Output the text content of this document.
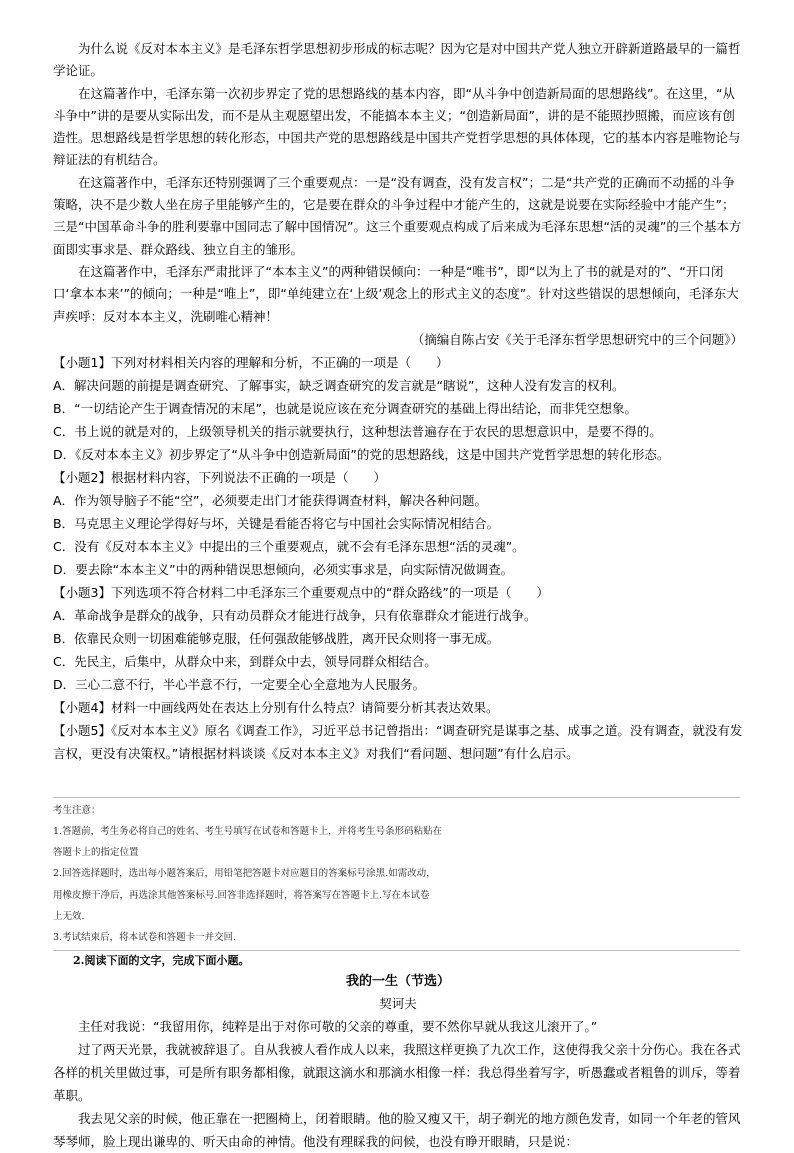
为什么说《反对本本主义》是毛泽东哲学思想初步形成的标志呢？因为它是对中国共产党人独立开辟新道路最早的一篇哲学论证。

在这篇著作中，毛泽东第一次初步界定了党的思想路线的基本内容，即“从斗争中创造新局面的思想路线”。在这里，“从斗争中”讲的是要从实际出发，而不是从主观愿望出发，不能搞本本主义；“创造新局面”，讲的是不能照抄照搬，而应该有创造性。思想路线是哲学思想的转化形态，中国共产党的思想路线是中国共产党哲学思想的具体体现，它的基本内容是唯物论与辩证法的有机结合。

在这篇著作中，毛泽东还特别强调了三个重要观点：一是“没有调查，没有发言权”；二是“共产党的正确而不动摇的斗争策略，决不是少数人坐在房子里能够产生的，它是要在群众的斗争过程中才能产生的，这就是说要在实际经验中才能产生”；三是“中国革命斗争的胜利要靠中国同志了解中国情况”。这三个重要观点构成了后来成为毛泽东思想“活的灵魂”的三个基本方面即实事求是、群众路线、独立自主的雏形。

在这篇著作中，毛泽东严肃批评了“本本主义”的两种错误倾向：一种是“唯书”，即“以为上了书的就是对的”、“开口闭口‘拿本本来’”的倾向；一种是“唯上”，即“单纯建立在‘上级’观念上的形式主义的态度”。针对这些错误的思想倾向，毛泽东大声疾呼：反对本本主义，洗刷唯心精神！

（摘编自陈占安《关于毛泽东哲学思想研究中的三个问题》）

【小题1】下列对材料相关内容的理解和分析，不正确的一项是（　　）

A．解决问题的前提是调查研究、了解事实，缺乏调查研究的发言就是“瞎说”，这种人没有发言的权利。

B．“一切结论产生于调查情况的末尾”，也就是说应该在充分调查研究的基础上得出结论，而非凭空想象。

C．书上说的就是对的，上级领导机关的指示就要执行，这种想法普遍存在于农民的思想意识中，是要不得的。

D．《反对本本主义》初步界定了“从斗争中创造新局面”的党的思想路线，这是中国共产党哲学思想的转化形态。

【小题2】根据材料内容，下列说法不正确的一项是（　　）

A．作为领导脑子不能“空”，必须要走出门才能获得调查材料，解决各种问题。

B．马克思主义理论学得好与坏，关键是看能否将它与中国社会实际情况相结合。

C．没有《反对本本主义》中提出的三个重要观点，就不会有毛泽东思想“活的灵魂”。

D．要去除“本本主义”中的两种错误思想倾向，必须实事求是，向实际情况做调查。

【小题3】下列选项不符合材料二中毛泽东三个重要观点中的“群众路线”的一项是（　　）

A．革命战争是群众的战争，只有动员群众才能进行战争，只有依靠群众才能进行战争。

B．依靠民众则一切困难能够克服，任何强敌能够战胜，离开民众则将一事无成。

C．先民主，后集中，从群众中来，到群众中去，领导同群众相结合。

D．三心二意不行，半心半意不行，一定要全心全意地为人民服务。

【小题4】材料一中画线两处在表达上分别有什么特点？请简要分析其表达效果。

【小题5】《反对本本主义》原名《调查工作》，习近平总书记曾指出：“调查研究是谋事之基、成事之道。没有调查，就没有发言权，更没有决策权。”请根据材料谈谈《反对本本主义》对我们“看问题、想问题”有什么启示。

考生注意：

1.答题前，考生务必将自己的姓名、考生号填写在试卷和答题卡上，并将考生号条形码粘贴在

答题卡上的指定位置

2.回答选择题时，选出每小题答案后，用铅笔把答题卡对应题目的答案标号涂黑.如需改动，

用橡皮擦干净后，再选涂其他答案标号.回答非选择题时，将答案写在答题卡上.写在本试卷

上无效.

3.考试结束后，将本试卷和答题卡一并交回.

2.阅读下面的文字，完成下面小题。

我的一生（节选）

契诃夫

主任对我说：“我留用你，纯粹是出于对你可敬的父亲的尊重，要不然你早就从我这儿滚开了。”

过了两天光景，我就被辞退了。自从我被人看作成人以来，我照这样更换了九次工作，这使得我父亲十分伤心。我在各式各样的机关里做过事，可是所有职务都相像，就跟这滴水和那滴水相像一样：我总得坐着写字，听愚蠢或者粗鲁的训斥，等着革职。

我去见父亲的时候，他正靠在一把圈椅上，闭着眼睛。他的脸又瘦又干，胡子剃光的地方颜色发青，如同一个年老的管风琴琴师，脸上现出谦卑的、听天由命的神情。他没有理睬我的问候，也没有睁开眼睛，只是说：
